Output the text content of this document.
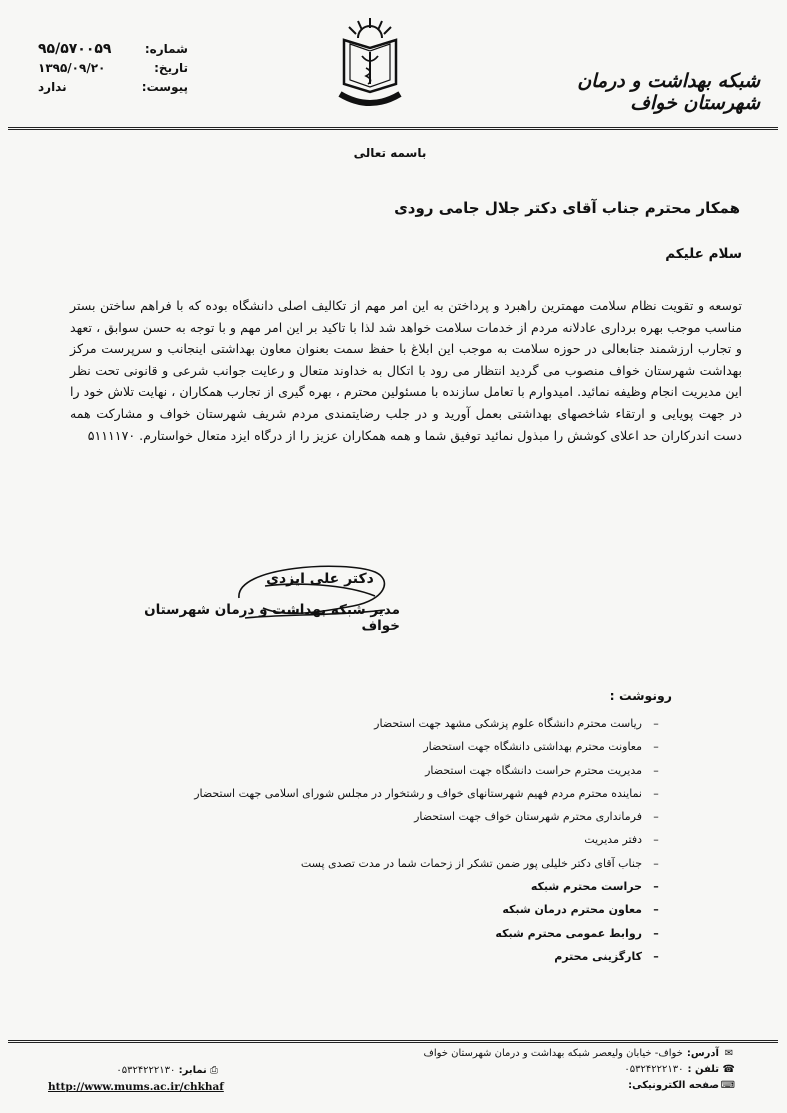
شماره:
۹۵/۵۷۰۰۵۹
تاریخ:
۱۳۹۵/۰۹/۲۰
پیوست:
ندارد	شبکه بهداشت و درمان شهرستان خواف
باسمه تعالی
همکار محترم جناب آقای دکتر جلال جامی رودی
سلام علیکم
توسعه و تقویت نظام سلامت مهمترین راهبرد و پرداختن به این امر مهم از تکالیف اصلی دانشگاه بوده که با فراهم ساختن بستر مناسب موجب بهره برداری عادلانه مردم از خدمات سلامت خواهد شد لذا با تاکید بر این امر مهم و با توجه به حسن سوابق ، تعهد و تجارب ارزشمند جنابعالی در حوزه سلامت به موجب این ابلاغ با حفظ سمت بعنوان معاون بهداشتی اینجانب و سرپرست مرکز بهداشت شهرستان خواف منصوب می گردید انتظار می رود با اتکال به خداوند متعال و رعایت جوانب شرعی و قانونی تحت نظر این مدیریت انجام وظیفه نمائید. امیدوارم با تعامل سازنده با مسئولین محترم ، بهره گیری از تجارب همکاران ، نهایت تلاش خود را در جهت پویایی و ارتقاء شاخصهای بهداشتی بعمل آورید و در جلب رضایتمندی مردم شریف شهرستان خواف و مشارکت همه دست اندرکاران حد اعلای کوشش را مبذول نمائید توفیق شما و همه همکاران عزیز را از درگاه ایزد متعال خواستارم. ۵۱۱۱۱۷۰
دکتر علی ایزدی
مدیر شبکه بهداشت و درمان شهرستان خواف
رونوشت :
–
ریاست محترم دانشگاه علوم پزشکی مشهد جهت استحضار
–
معاونت محترم بهداشتی دانشگاه جهت استحضار
–
مدیریت محترم حراست دانشگاه جهت استحضار
–
نماینده محترم مردم فهیم شهرستانهای خواف و رشتخوار در مجلس شورای اسلامی جهت استحضار
–
فرمانداری محترم شهرستان خواف جهت استحضار
–
دفتر مدیریت
–
جناب آقای دکتر خلیلی پور ضمن تشکر از زحمات شما در مدت تصدی پست
–
حراست محترم شبکه
–
معاون محترم درمان شبکه
–
روابط عمومی محترم شبکه
–
کارگزینی محترم
✉
آدرس:
خواف- خیابان ولیعصر شبکه بهداشت و درمان شهرستان خواف
☎
تلفن :
۰۵۳۲۴۲۲۲۱۳۰
⌨
صفحه الکترونیکی:
⎙ نمابر: ۰۵۳۲۴۲۲۲۱۳۰
http://www.mums.ac.ir/chkhaf
